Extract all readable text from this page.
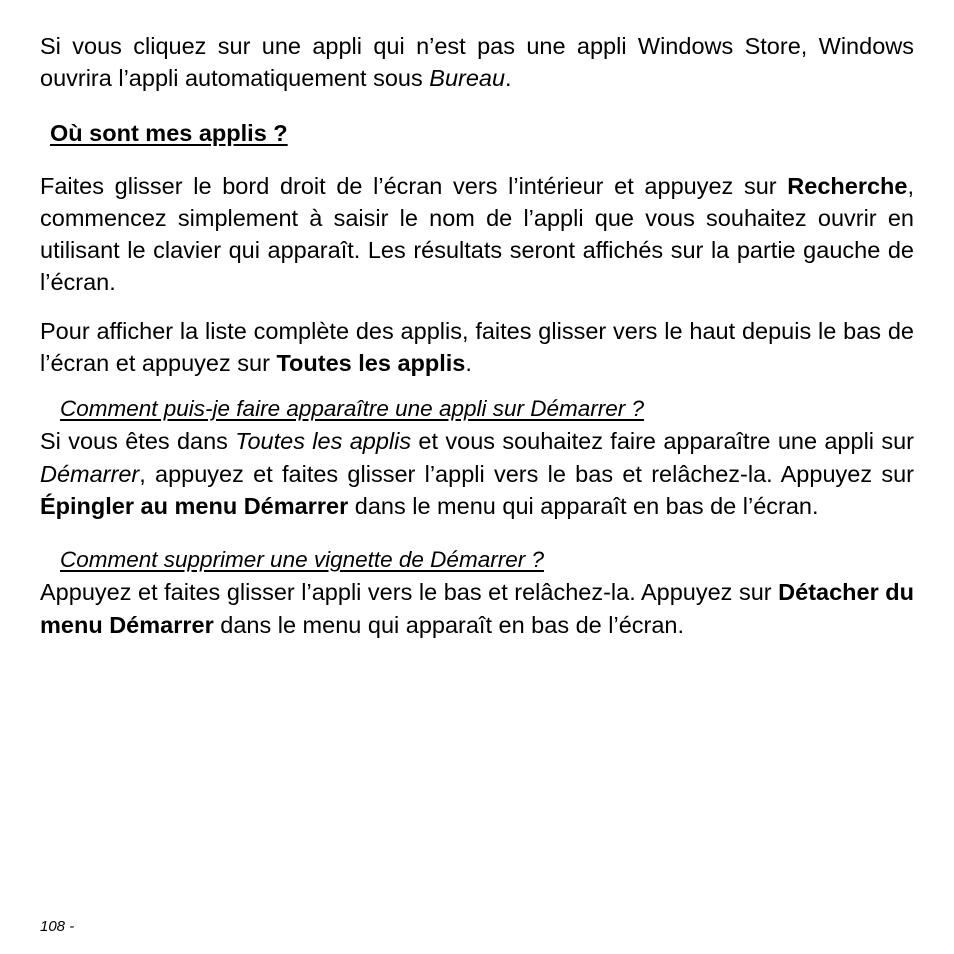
Si vous cliquez sur une appli qui n’est pas une appli Windows Store, Windows ouvrira l’appli automatiquement sous Bureau.

Où sont mes applis ?

Faites glisser le bord droit de l’écran vers l’intérieur et appuyez sur Recherche, commencez simplement à saisir le nom de l’appli que vous souhaitez ouvrir en utilisant le clavier qui apparaît. Les résultats seront affichés sur la partie gauche de l’écran.

Pour afficher la liste complète des applis, faites glisser vers le haut depuis le bas de l’écran et appuyez sur Toutes les applis.

Comment puis-je faire apparaître une appli sur Démarrer ?

Si vous êtes dans Toutes les applis et vous souhaitez faire apparaître une appli sur Démarrer, appuyez et faites glisser l’appli vers le bas et relâchez-la. Appuyez sur Épingler au menu Démarrer dans le menu qui apparaît en bas de l’écran.

Comment supprimer une vignette de Démarrer ?

Appuyez et faites glisser l’appli vers le bas et relâchez-la. Appuyez sur Détacher du menu Démarrer dans le menu qui apparaît en bas de l’écran.

108 -
